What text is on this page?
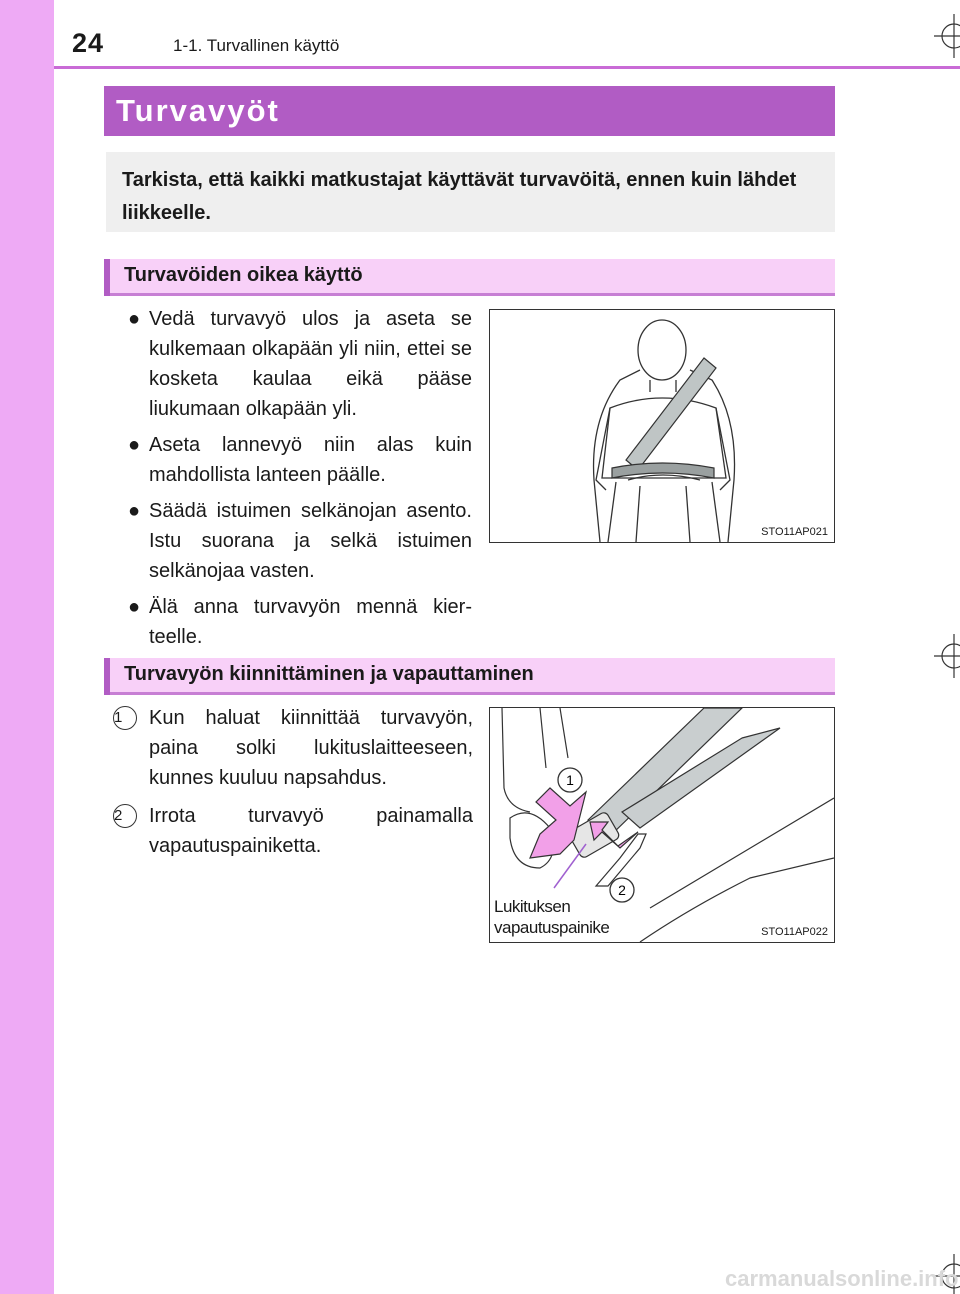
24	1-1. Turvallinen käyttö
Turvavyöt

Tarkista, että kaikki matkustajat käyttävät turvavöitä, ennen kuin lähdet liikkeelle.

Turvavöiden oikea käyttö
● Vedä turvavyö ulos ja aseta se kulkemaan olkapään yli niin, ettei se kosketa kaulaa eikä pääse liukumaan olkapään yli.
● Aseta lannevyö niin alas kuin mahdollista lanteen päälle.
● Säädä istuimen selkänojan asento. Istu suorana ja selkä istuimen selkänojaa vasten.
● Älä anna turvavyön mennä kierteelle.
STO11AP021
Turvavyön kiinnittäminen ja vapauttaminen
1	Kun haluat kiinnittää turvavyön, paina solki lukituslaitteeseen, kunnes kuuluu napsahdus.
2	Irrota turvavyö painamalla vapautuspainiketta.
1
2
Lukituksen
vapautuspainike	STO11AP022
carmanualsonline.info
